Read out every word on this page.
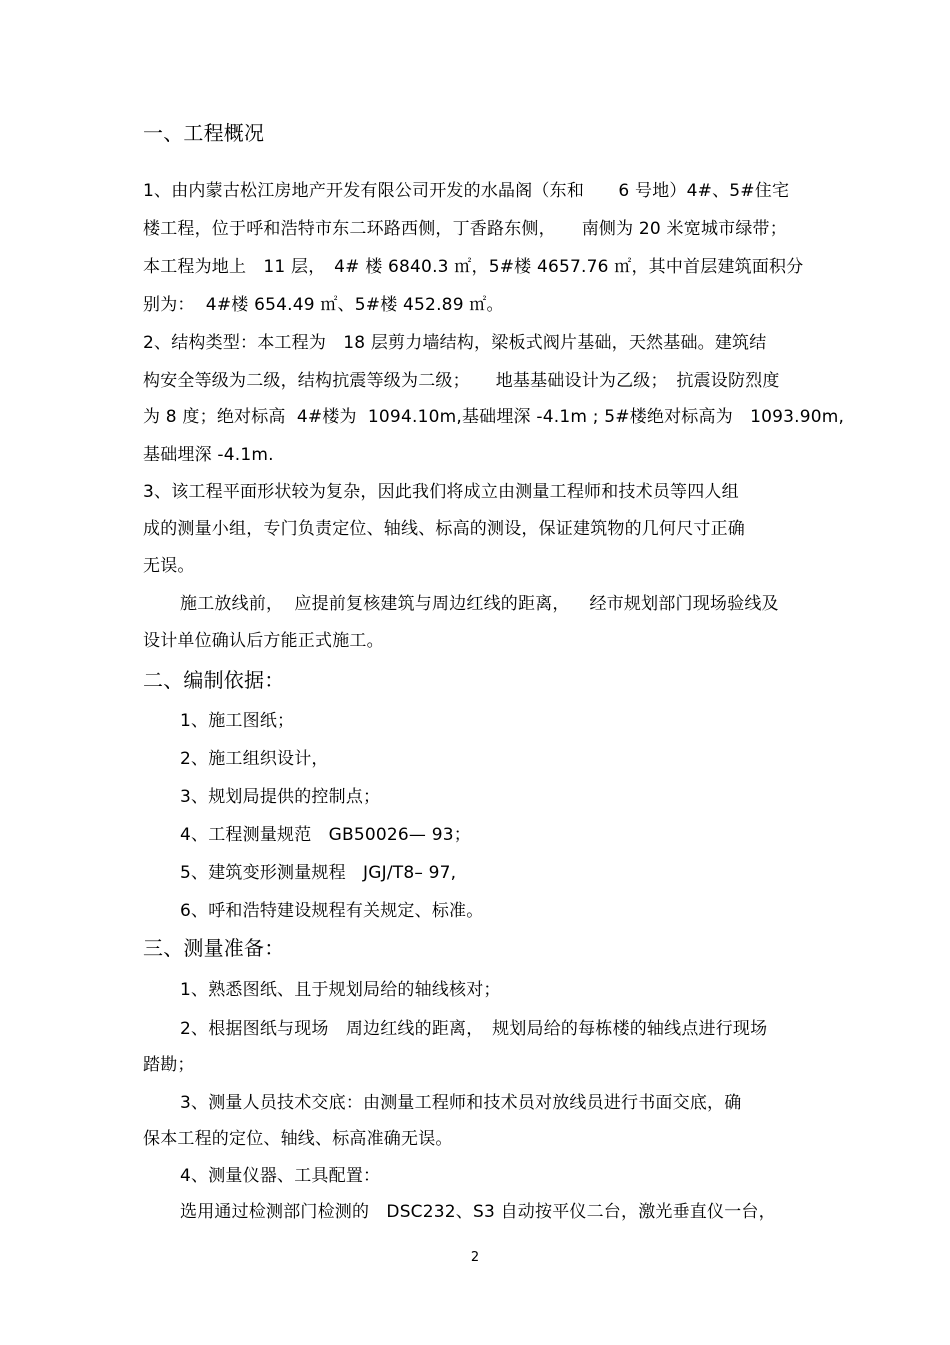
一、工程概况
1、由内蒙古松江房地产开发有限公司开发的水晶阁（东和　　6 号地）4#、5#住宅
楼工程，位于呼和浩特市东二环路西侧，丁香路东侧，　　南侧为 20 米宽城市绿带；
本工程为地上　11 层，　4# 楼 6840.3 ㎡，5#楼 4657.76 ㎡，其中首层建筑面积分
别为：  4#楼 654.49 ㎡、5#楼 452.89 ㎡。
2、结构类型：本工程为　18 层剪力墙结构，梁板式阀片基础，天然基础。建筑结
构安全等级为二级，结构抗震等级为二级；　　地基基础设计为乙级；　抗震设防烈度
为 8 度；绝对标高  4#楼为  1094.10m,基础埋深 -4.1m ; 5#楼绝对标高为　1093.90m,
基础埋深 -4.1m.
3、该工程平面形状较为复杂，因此我们将成立由测量工程师和技术员等四人组
成的测量小组，专门负责定位、轴线、标高的测设，保证建筑物的几何尺寸正确
无误。
施工放线前，  应提前复核建筑与周边红线的距离，　  经市规划部门现场验线及
设计单位确认后方能正式施工。
二、编制依据：
1、施工图纸；
2、施工组织设计，
3、规划局提供的控制点；
4、工程测量规范　GB50026— 93；
5、建筑变形测量规程　JGJ/T8– 97,
6、呼和浩特建设规程有关规定、标准。
三、测量准备：
1、熟悉图纸、且于规划局给的轴线核对；
2、根据图纸与现场　周边红线的距离，　规划局给的每栋楼的轴线点进行现场
踏勘；
3、测量人员技术交底：由测量工程师和技术员对放线员进行书面交底，确
保本工程的定位、轴线、标高准确无误。
4、测量仪器、工具配置：
选用通过检测部门检测的　DSC232、S3 自动按平仪二台，激光垂直仪一台，
2
